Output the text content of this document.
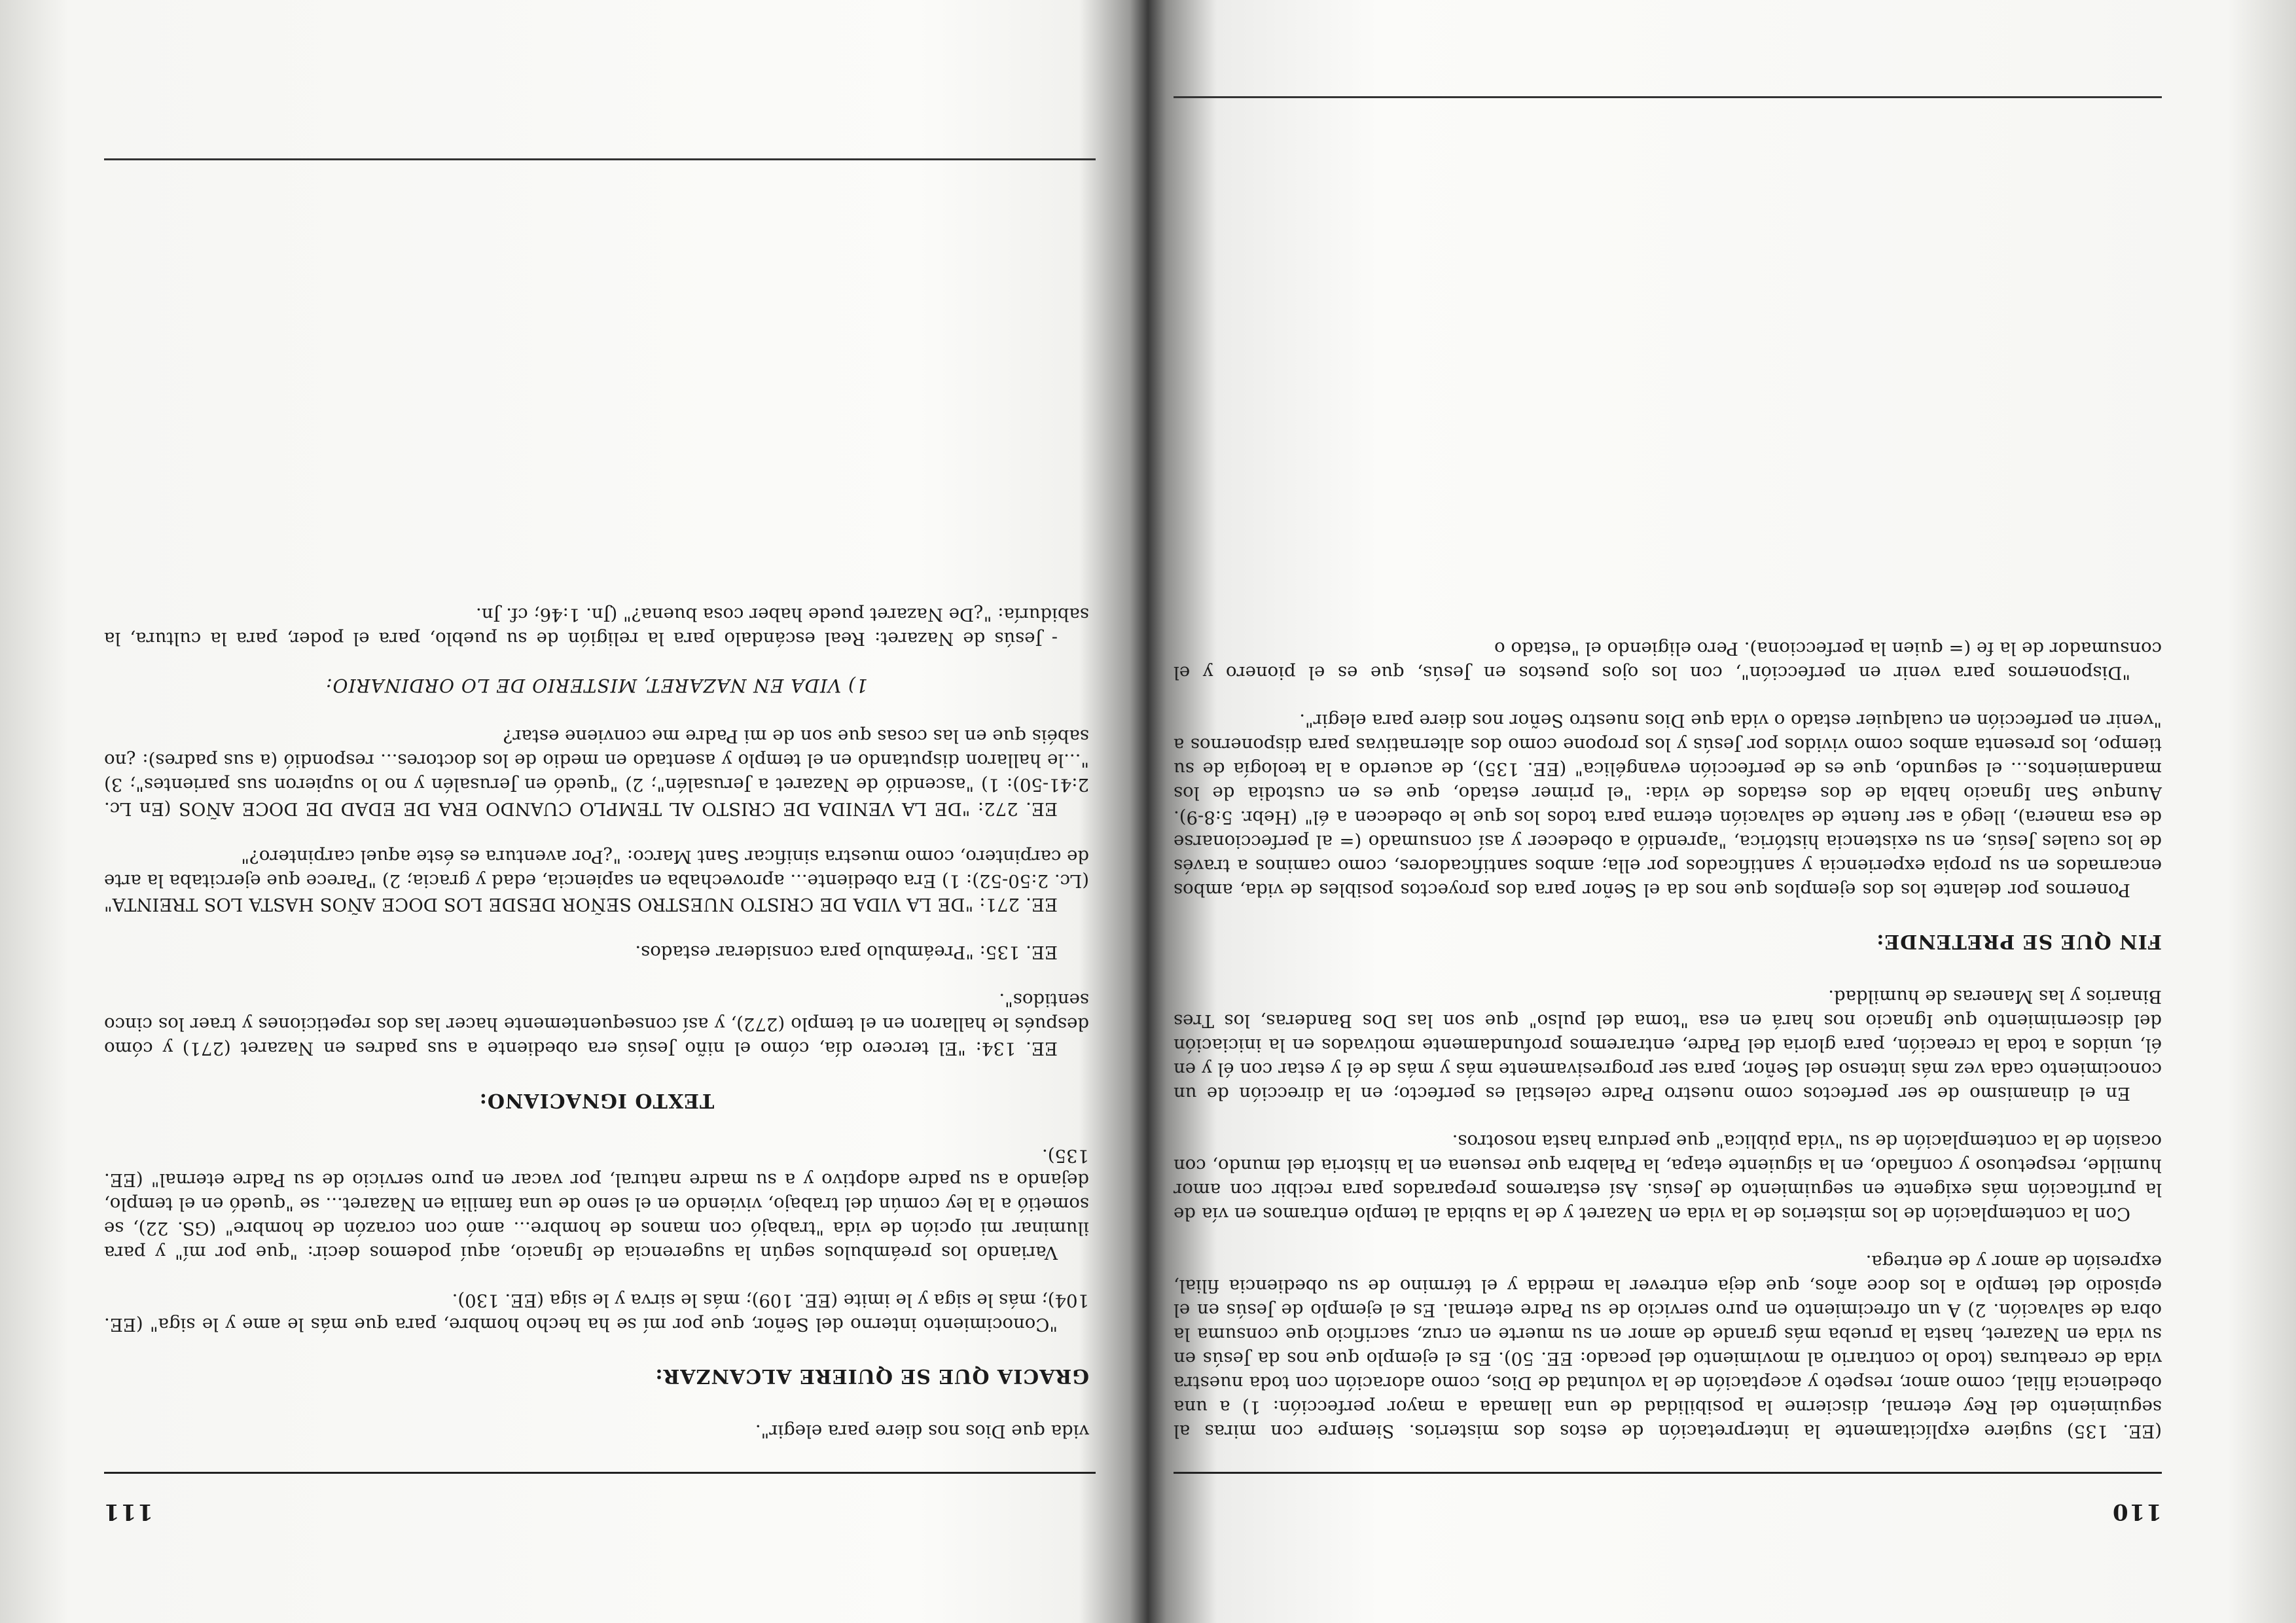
110

(EE. 135) sugiere explícitamente la interpretación de estos dos misterios. Siempre con miras al seguimiento del Rey eternal, discierne la posibilidad de una llamada a mayor perfección: 1) a una obediencia filial, como amor, respeto y aceptación de la voluntad de Dios, como adoración con toda nuestra vida de creaturas (todo lo contrario al movimiento del pecado: EE. 50). Es el ejemplo que nos da Jesús en su vida en Nazaret, hasta la prueba más grande de amor en su muerte en cruz, sacrificio que consuma la obra de salvación. 2) A un ofrecimiento en puro servicio de su Padre eternal. Es el ejemplo de Jesús en el episodio del templo a los doce años, que deja entrever la medida y el término de su obediencia filial, expresión de amor y de entrega.

Con la contemplación de los misterios de la vida en Nazaret y de la subida al templo entramos en vía de la purificación más exigente en seguimiento de Jesús. Así estaremos preparados para recibir con amor humilde, respetuoso y confiado, en la siguiente etapa, la Palabra que resuena en la historia del mundo, con ocasión de la contemplación de su "vida pública" que perdura hasta nosotros.

En el dinamismo de ser perfectos como nuestro Padre celestial es perfecto; en la dirección de un conocimiento cada vez más intenso del Señor, para ser progresivamente más y más de él y estar con él y en él, unidos a toda la creación, para gloria del Padre, entraremos profundamente motivados en la iniciación del discernimiento que Ignacio nos hará en esa "toma del pulso" que son las Dos Banderas, los Tres Binarios y las Maneras de humildad.

FIN QUE SE PRETENDE:

Ponernos por delante los dos ejemplos que nos da el Señor para dos proyectos posibles de vida, ambos encarnados en su propia experiencia y santificados por ella; ambos santificadores, como caminos a través de los cuales Jesús, en su existencia histórica, "aprendió a obedecer y así consumado (= al perfeccionarse de esa manera), llegó a ser fuente de salvación eterna para todos los que le obedecen a él" (Hebr. 5:8-9). Aunque San Ignacio habla de dos estados de vida: "el primer estado, que es en custodia de los mandamientos... el segundo, que es de perfección evangélica" (EE. 135), de acuerdo a la teología de su tiempo, los presenta ambos como vividos por Jesús y los propone como dos alternativas para disponernos a "venir en perfección en cualquier estado o vida que Dios nuestro Señor nos diere para elegir".

"Disponernos para venir en perfección", con los ojos puestos en Jesús, que es el pionero y el consumador de la fe (= quien la perfecciona). Pero eligiendo el "estado o

111

vida que Dios nos diere para elegir".

GRACIA QUE SE QUIERE ALCANZAR:

"Conocimiento interno del Señor, que por mí se ha hecho hombre, para que más le ame y le siga" (EE. 104); más le siga y le imite (EE. 109); más le sirva y le siga (EE. 130).

Variando los preámbulos según la sugerencia de Ignacio, aquí podemos decir: "que por mí" y para iluminar mi opción de vida "trabajó con manos de hombre... amó con corazón de hombre" (GS. 22), se sometió a la ley común del trabajo, viviendo en el seno de una familia en Nazaret... se "quedó en el templo, dejando a su padre adoptivo y a su madre natural, por vacar en puro servicio de su Padre eternal" (EE. 135).

TEXTO IGNACIANO:

EE. 134: "El tercero día, cómo el niño Jesús era obediente a sus padres en Nazaret (271) y cómo después le hallaron en el templo (272), y así consequentemente hacer las dos repeticiones y traer los cinco sentidos".

EE. 135: "Preámbulo para considerar estados.

EE. 271: "DE LA VIDA DE CRISTO NUESTRO SEÑOR DESDE LOS DOCE AÑOS HASTA LOS TREINTA" (Lc. 2:50-52): 1) Era obediente... aprovechaba en sapiencia, edad y gracia; 2) "Parece que ejercitaba la arte de carpintero, como muestra sinificar Sant Marco: "¿Por aventura es éste aquel carpintero?"

EE. 272: "DE LA VENIDA DE CRISTO AL TEMPLO CUANDO ERA DE EDAD DE DOCE AÑOS (En Lc. 2:41-50): 1) "ascendió de Nazaret a Jerusalén"; 2) "quedó en Jerusalén y no lo supieron sus parientes"; 3) "...le hallaron disputando en el templo y asentado en medio de los doctores... respondió (a sus padres): ¿no sabéis que en las cosas que son de mi Padre me conviene estar?

1) VIDA EN NAZARET, MISTERIO DE LO ORDINARIO:

- Jesús de Nazaret: Real escándalo para la religión de su pueblo, para el poder, para la cultura, la sabiduría: "¿De Nazaret puede haber cosa buena?" (Jn. 1:46; cf. Jn.
